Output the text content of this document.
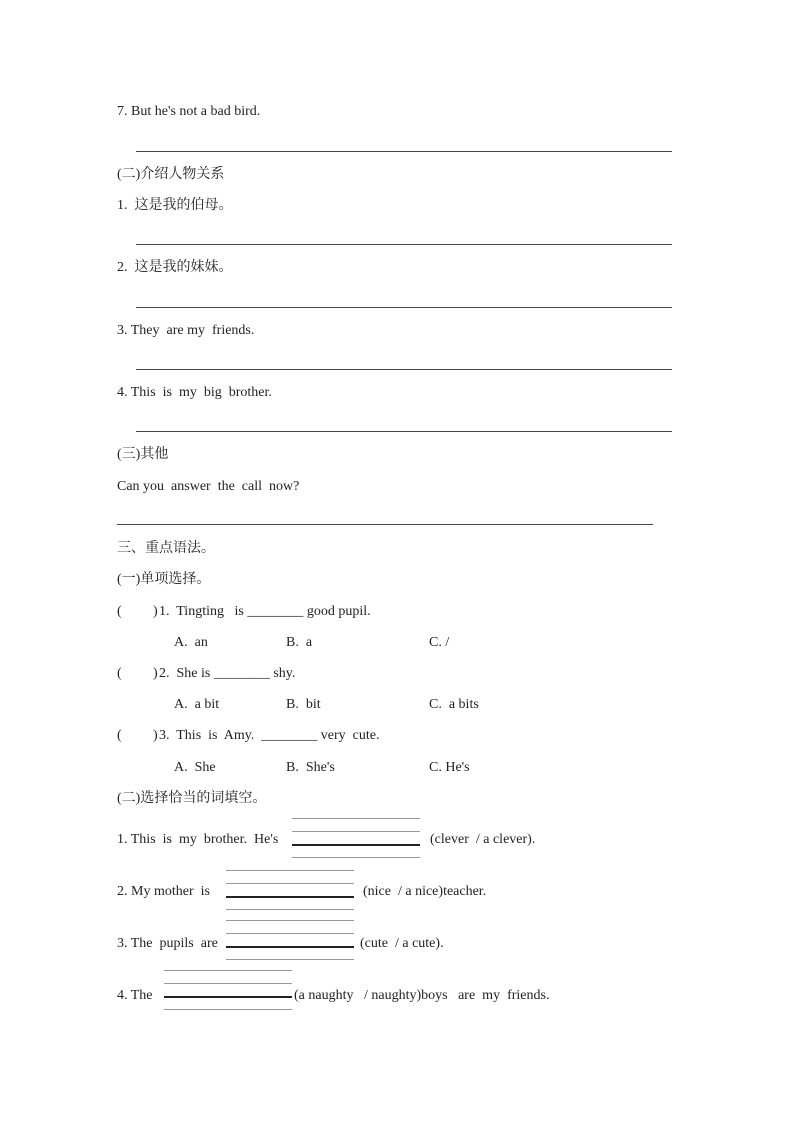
7. But he's not a bad bird.
(二)介绍人物关系
1.  这是我的伯母。
2.  这是我的妹妹。
3. They  are my  friends.
4. This  is  my  big  brother.
(三)其他
Can you  answer  the  call  now?
三、重点语法。
(一)单项选择。
( ) 1.  Tingting   is ________ good pupil.
A.  an	B.  a	C. /
( ) 2.  She is ________ shy.
A.  a bit	B.  bit	C.  a bits
( ) 3.  This  is  Amy.  ________ very  cute.
A.  She	B.  She's	C. He's
(二)选择恰当的词填空。
1. This  is  my  brother.  He's	(clever  / a clever).
2. My mother  is	(nice  / a nice)teacher.
3. The  pupils  are	(cute  / a cute).
4. The	(a naughty   / naughty)boys   are  my  friends.
